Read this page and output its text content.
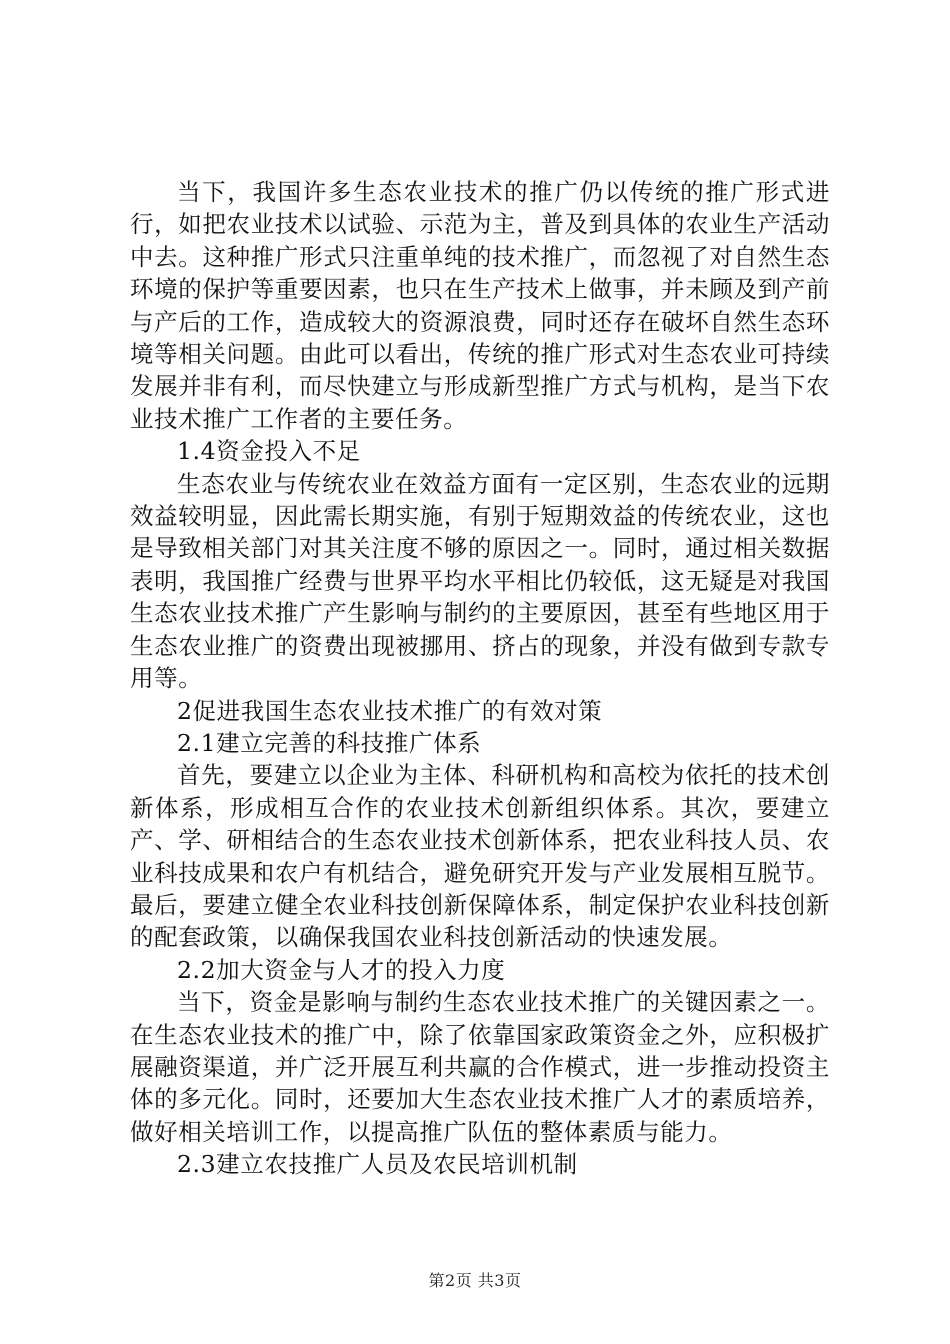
当下，我国许多生态农业技术的推广仍以传统的推广形式进行，如把农业技术以试验、示范为主，普及到具体的农业生产活动中去。这种推广形式只注重单纯的技术推广，而忽视了对自然生态环境的保护等重要因素，也只在生产技术上做事，并未顾及到产前与产后的工作，造成较大的资源浪费，同时还存在破坏自然生态环境等相关问题。由此可以看出，传统的推广形式对生态农业可持续发展并非有利，而尽快建立与形成新型推广方式与机构，是当下农业技术推广工作者的主要任务。

1.4资金投入不足

生态农业与传统农业在效益方面有一定区别，生态农业的远期效益较明显，因此需长期实施，有别于短期效益的传统农业，这也是导致相关部门对其关注度不够的原因之一。同时，通过相关数据表明，我国推广经费与世界平均水平相比仍较低，这无疑是对我国生态农业技术推广产生影响与制约的主要原因，甚至有些地区用于生态农业推广的资费出现被挪用、挤占的现象，并没有做到专款专用等。

2促进我国生态农业技术推广的有效对策

2.1建立完善的科技推广体系

首先，要建立以企业为主体、科研机构和高校为依托的技术创新体系，形成相互合作的农业技术创新组织体系。其次，要建立产、学、研相结合的生态农业技术创新体系，把农业科技人员、农业科技成果和农户有机结合，避免研究开发与产业发展相互脱节。最后，要建立健全农业科技创新保障体系，制定保护农业科技创新的配套政策，以确保我国农业科技创新活动的快速发展。

2.2加大资金与人才的投入力度

当下，资金是影响与制约生态农业技术推广的关键因素之一。在生态农业技术的推广中，除了依靠国家政策资金之外，应积极扩展融资渠道，并广泛开展互利共赢的合作模式，进一步推动投资主体的多元化。同时，还要加大生态农业技术推广人才的素质培养，做好相关培训工作，以提高推广队伍的整体素质与能力。

2.3建立农技推广人员及农民培训机制

第2页 共3页
